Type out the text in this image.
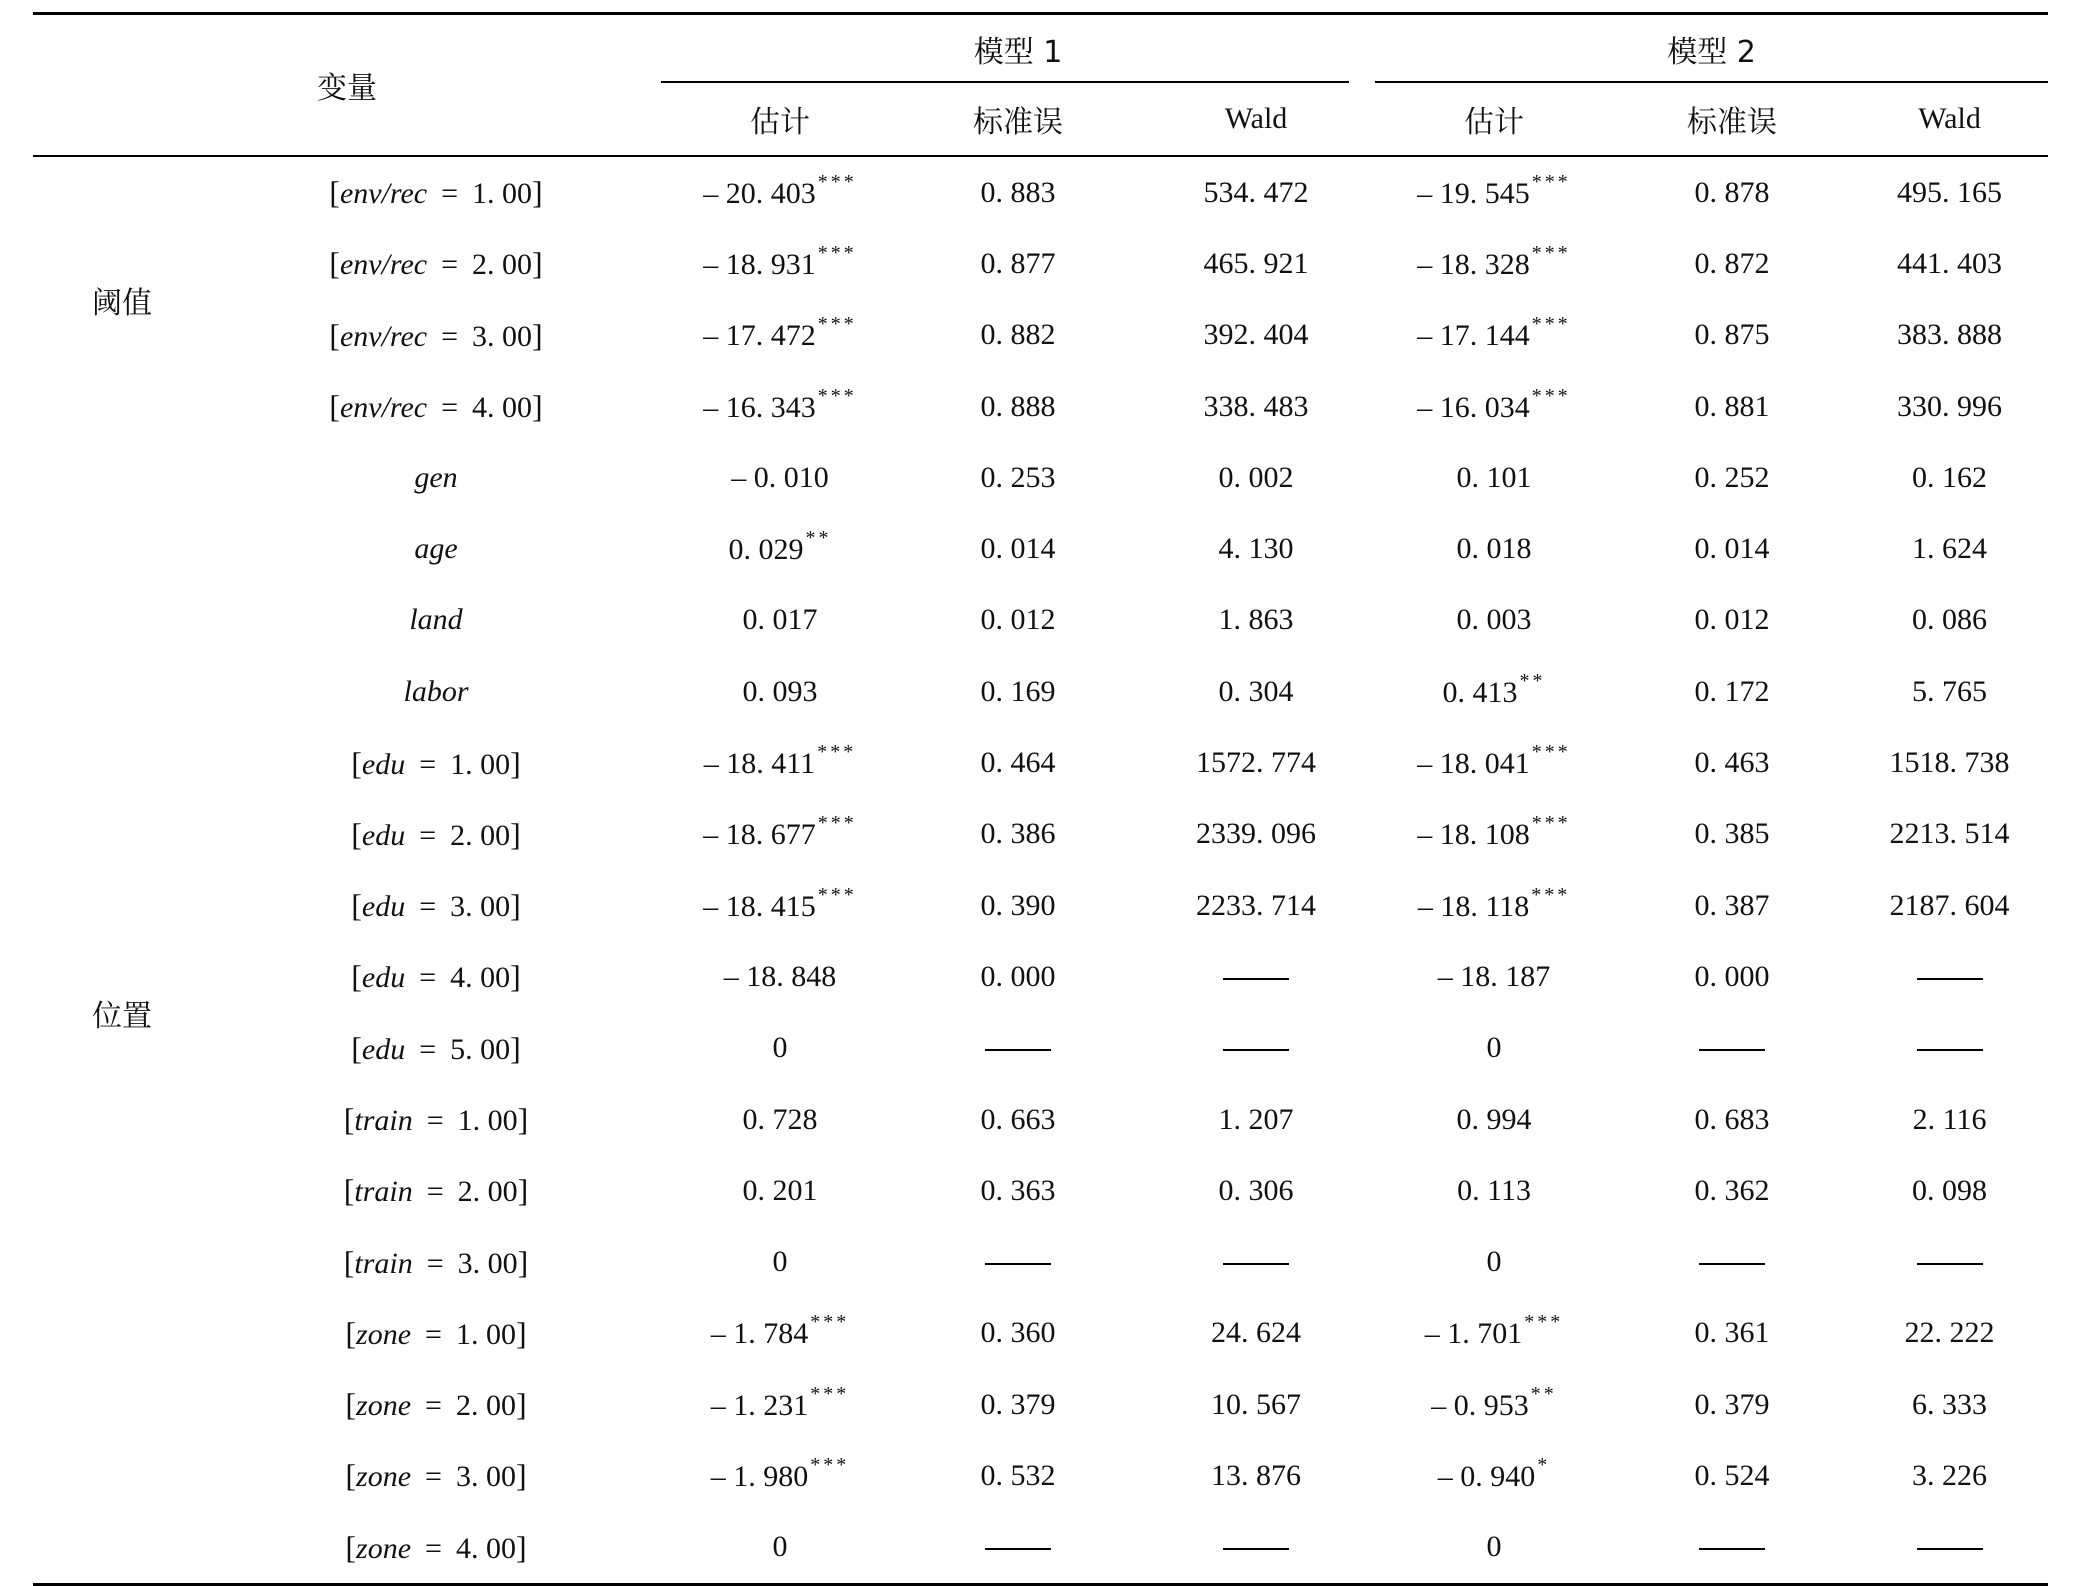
变量		模型 1			模型 2		

		估计	标准误	Wald	估计	标准误	Wald
阈值	[env/rec = 1. 00]	– 20. 403 ***	0. 883	534. 472	– 19. 545 ***	0. 878	495. 165
	[env/rec = 2. 00]	– 18. 931 ***	0. 877	465. 921	– 18. 328 ***	0. 872	441. 403
	[env/rec = 3. 00]	– 17. 472 ***	0. 882	392. 404	– 17. 144 ***	0. 875	383. 888
	[env/rec = 4. 00]	– 16. 343 ***	0. 888	338. 483	– 16. 034 ***	0. 881	330. 996
位置	gen	– 0. 010	0. 253	0. 002	0. 101	0. 252	0. 162
	age	0. 029 **	0. 014	4. 130	0. 018	0. 014	1. 624
	land	0. 017	0. 012	1. 863	0. 003	0. 012	0. 086
	labor	0. 093	0. 169	0. 304	0. 413 **	0. 172	5. 765
	[edu = 1. 00]	– 18. 411 ***	0. 464	1572. 774	– 18. 041 ***	0. 463	1518. 738
	[edu = 2. 00]	– 18. 677 ***	0. 386	2339. 096	– 18. 108 ***	0. 385	2213. 514
	[edu = 3. 00]	– 18. 415 ***	0. 390	2233. 714	– 18. 118 ***	0. 387	2187. 604
	[edu = 4. 00]	– 18. 848	0. 000		– 18. 187	0. 000	
	[edu = 5. 00]	0			0		
	[train = 1. 00]	0. 728	0. 663	1. 207	0. 994	0. 683	2. 116
	[train = 2. 00]	0. 201	0. 363	0. 306	0. 113	0. 362	0. 098
	[train = 3. 00]	0			0		
	[zone = 1. 00]	– 1. 784 ***	0. 360	24. 624	– 1. 701 ***	0. 361	22. 222
	[zone = 2. 00]	– 1. 231 ***	0. 379	10. 567	– 0. 953 **	0. 379	6. 333
	[zone = 3. 00]	– 1. 980 ***	0. 532	13. 876	– 0. 940 *	0. 524	3. 226
	[zone = 4. 00]	0			0		
